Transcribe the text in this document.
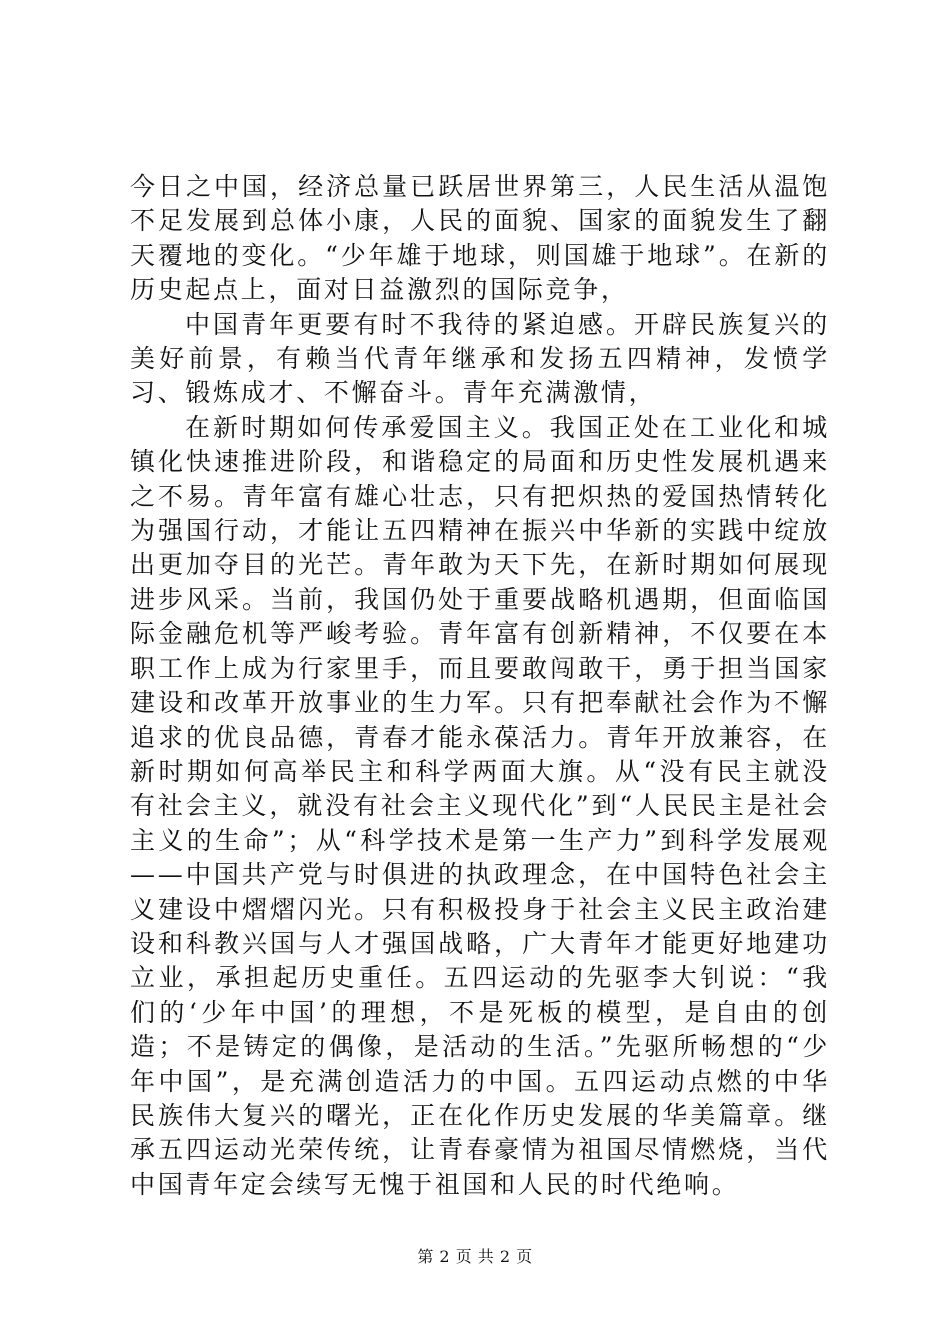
今日之中国，经济总量已跃居世界第三，人民生活从温饱不足发展到总体小康，人民的面貌、国家的面貌发生了翻天覆地的变化。“少年雄于地球，则国雄于地球”。在新的历史起点上，面对日益激烈的国际竞争，

中国青年更要有时不我待的紧迫感。开辟民族复兴的美好前景，有赖当代青年继承和发扬五四精神，发愤学习、锻炼成才、不懈奋斗。青年充满激情，

在新时期如何传承爱国主义。我国正处在工业化和城镇化快速推进阶段，和谐稳定的局面和历史性发展机遇来之不易。青年富有雄心壮志，只有把炽热的爱国热情转化为强国行动，才能让五四精神在振兴中华新的实践中绽放出更加夺目的光芒。青年敢为天下先，在新时期如何展现进步风采。当前，我国仍处于重要战略机遇期，但面临国际金融危机等严峻考验。青年富有创新精神，不仅要在本职工作上成为行家里手，而且要敢闯敢干，勇于担当国家建设和改革开放事业的生力军。只有把奉献社会作为不懈追求的优良品德，青春才能永葆活力。青年开放兼容，在新时期如何高举民主和科学两面大旗。从“没有民主就没有社会主义，就没有社会主义现代化”到“人民民主是社会主义的生命”；从“科学技术是第一生产力”到科学发展观——中国共产党与时俱进的执政理念，在中国特色社会主义建设中熠熠闪光。只有积极投身于社会主义民主政治建设和科教兴国与人才强国战略，广大青年才能更好地建功立业，承担起历史重任。五四运动的先驱李大钊说：“我们的‘少年中国’的理想，不是死板的模型，是自由的创造；不是铸定的偶像，是活动的生活。”先驱所畅想的“少年中国”，是充满创造活力的中国。五四运动点燃的中华民族伟大复兴的曙光，正在化作历史发展的华美篇章。继承五四运动光荣传统，让青春豪情为祖国尽情燃烧，当代中国青年定会续写无愧于祖国和人民的时代绝响。

第 2 页 共 2 页
